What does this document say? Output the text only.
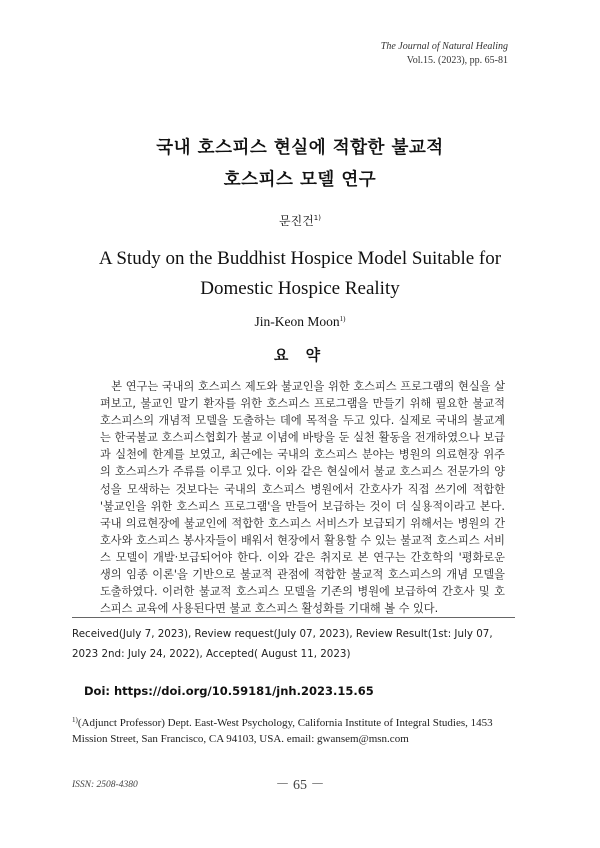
The Journal of Natural Healing
Vol.15. (2023), pp. 65-81
국내 호스피스 현실에 적합한 불교적
호스피스 모델 연구
문진건$^{1)}$
A Study on the Buddhist Hospice Model Suitable for
Domestic Hospice Reality
Jin-Keon Moon$^{1)}$
요 약
본 연구는 국내의 호스피스 제도와 불교인을 위한 호스피스 프로그램의 현실을 살펴보고, 불교인 말기 환자를 위한 호스피스 프로그램을 만들기 위해 필요한 불교적 호스피스의 개념적 모델을 도출하는 데에 목적을 두고 있다. 실제로 국내의 불교계는 한국불교 호스피스협회가 불교 이념에 바탕을 둔 실천 활동을 전개하였으나 보급과 실천에 한계를 보였고, 최근에는 국내의 호스피스 분야는 병원의 의료현장 위주의 호스피스가 주류를 이루고 있다. 이와 같은 현실에서 불교 호스피스 전문가의 양성을 모색하는 것보다는 국내의 호스피스 병원에서 간호사가 직접 쓰기에 적합한 '불교인을 위한 호스피스 프로그램'을 만들어 보급하는 것이 더 실용적이라고 본다. 국내 의료현장에 불교인에 적합한 호스피스 서비스가 보급되기 위해서는 병원의 간호사와 호스피스 봉사자들이 배워서 현장에서 활용할 수 있는 불교적 호스피스 서비스 모델이 개발·보급되어야 한다. 이와 같은 취지로 본 연구는 간호학의 '평화로운 생의 임종 이론'을 기반으로 불교적 관점에 적합한 불교적 호스피스의 개념 모델을 도출하였다. 이러한 불교적 호스피스 모델을 기존의 병원에 보급하여 간호사 및 호스피스 교육에 사용된다면 불교 호스피스 활성화를 기대해 볼 수 있다.
Received(July 7, 2023), Review request(July 07, 2023), Review Result(1st: July 07, 2023 2nd: July 24, 2022), Accepted( August 11, 2023)
Doi: https://doi.org/10.59181/jnh.2023.15.65
$^{1)}$(Adjunct Professor) Dept. East-West Psychology, California Institute of Integral Studies, 1453 Mission Street, San Francisco, CA 94103, USA. email: gwansem@msn.com
ISSN: 2508-4380	－ 65 －
